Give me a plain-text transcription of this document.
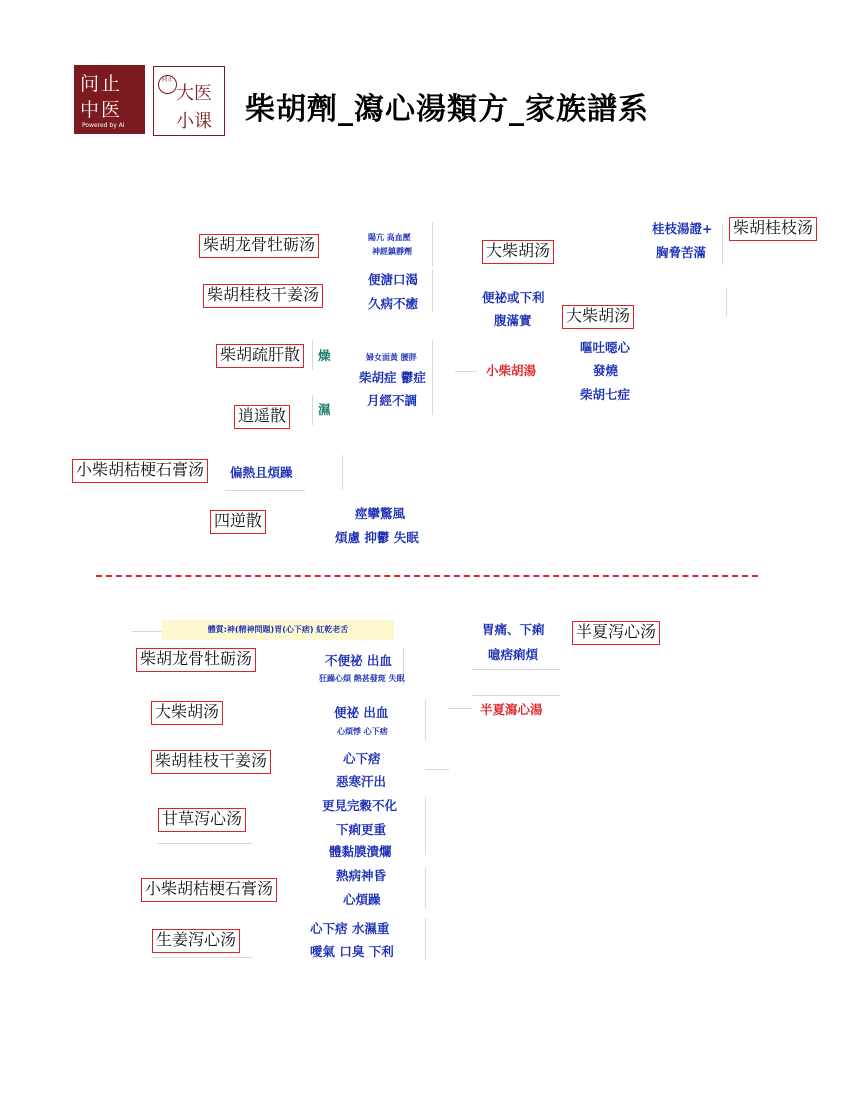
问止
中医
Powered by AI
问止
大医
小课 柴胡劑_瀉心湯類方_家族譜系
柴胡龙骨牡砺汤
柴胡桂枝干姜汤
柴胡疏肝散
逍遥散
小柴胡桔梗石膏汤
四逆散
大柴胡汤
大柴胡汤
柴胡桂枝汤
陽亢 高血壓
神經鎮靜劑
便溏口渴
久病不癒
燥
濕
婦女面黃 腰胖
柴胡症 鬱症
月經不調
偏熱且煩躁
痙攣驚風
煩慮 抑鬱 失眠
便祕或下利
腹滿實
小柴胡湯
嘔吐噁心
發燒
柴胡七症
桂枝湯證+
胸脅苦滿
體質:神(精神問題)胃(心下痞) 紅乾老舌
柴胡龙骨牡砺汤
大柴胡汤
柴胡桂枝干姜汤
甘草泻心汤
小柴胡桔梗石膏汤
生姜泻心汤
半夏泻心汤
不便祕 出血
狂躁心煩 熱甚發斑 失眠
便祕 出血
心煩悸 心下痞
心下痞
惡寒汗出
更見完穀不化
下痢更重
體黏膜潰爛
熱病神昏
心煩躁
心下痞 水濕重
噯氣 口臭 下利
胃痛、下痢
噫痞痢煩
半夏瀉心湯
